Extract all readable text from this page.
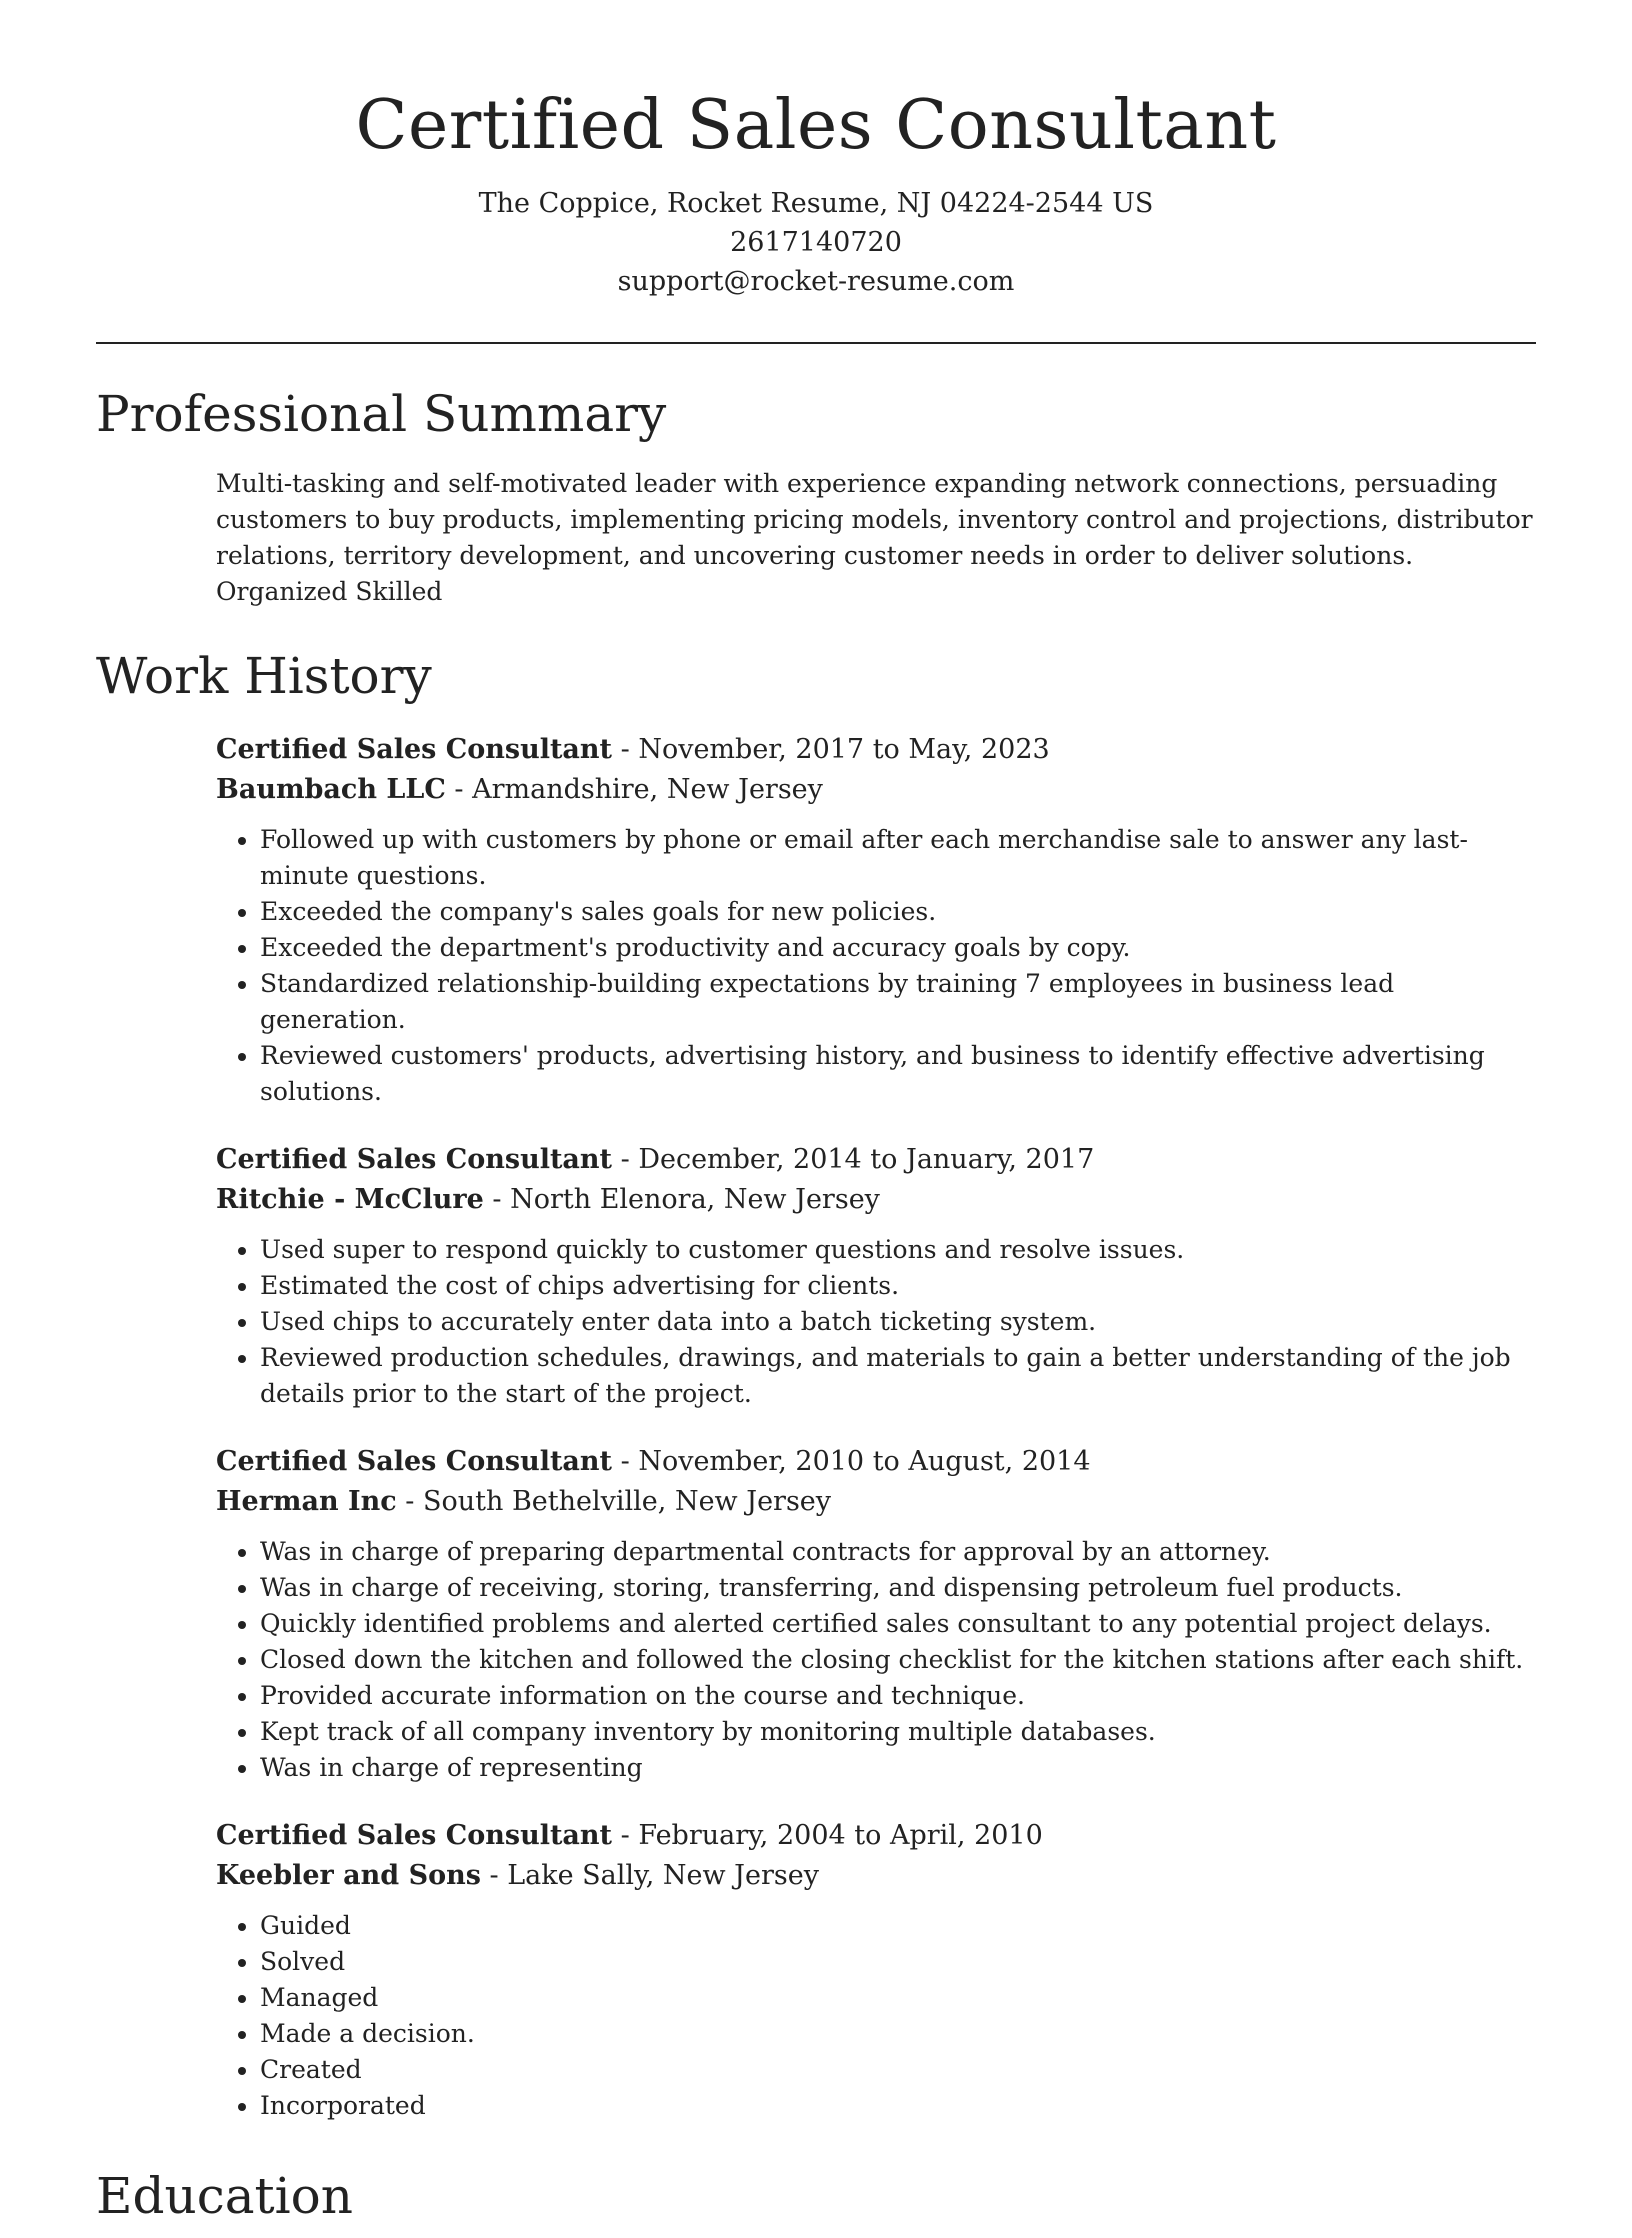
Certified Sales Consultant
The Coppice, Rocket Resume, NJ 04224-2544 US
2617140720
support@rocket-resume.com
Professional Summary

Multi-tasking and self-motivated leader with experience expanding network connections, persuading customers to buy products, implementing pricing models, inventory control and projections, distributor relations, territory development, and uncovering customer needs in order to deliver solutions. Organized Skilled

Work History
Certified Sales Consultant - November, 2017 to May, 2023
Baumbach LLC - Armandshire, New Jersey
• Followed up with customers by phone or email after each merchandise sale to answer any last-minute questions.
• Exceeded the company's sales goals for new policies.
• Exceeded the department's productivity and accuracy goals by copy.
• Standardized relationship-building expectations by training 7 employees in business lead generation.
• Reviewed customers' products, advertising history, and business to identify effective advertising solutions.
Certified Sales Consultant - December, 2014 to January, 2017
Ritchie - McClure - North Elenora, New Jersey
• Used super to respond quickly to customer questions and resolve issues.
• Estimated the cost of chips advertising for clients.
• Used chips to accurately enter data into a batch ticketing system.
• Reviewed production schedules, drawings, and materials to gain a better understanding of the job details prior to the start of the project.
Certified Sales Consultant - November, 2010 to August, 2014
Herman Inc - South Bethelville, New Jersey
• Was in charge of preparing departmental contracts for approval by an attorney.
• Was in charge of receiving, storing, transferring, and dispensing petroleum fuel products.
• Quickly identified problems and alerted certified sales consultant to any potential project delays.
• Closed down the kitchen and followed the closing checklist for the kitchen stations after each shift.
• Provided accurate information on the course and technique.
• Kept track of all company inventory by monitoring multiple databases.
• Was in charge of representing
Certified Sales Consultant - February, 2004 to April, 2010
Keebler and Sons - Lake Sally, New Jersey
• Guided
• Solved
• Managed
• Made a decision.
• Created
• Incorporated
Education
